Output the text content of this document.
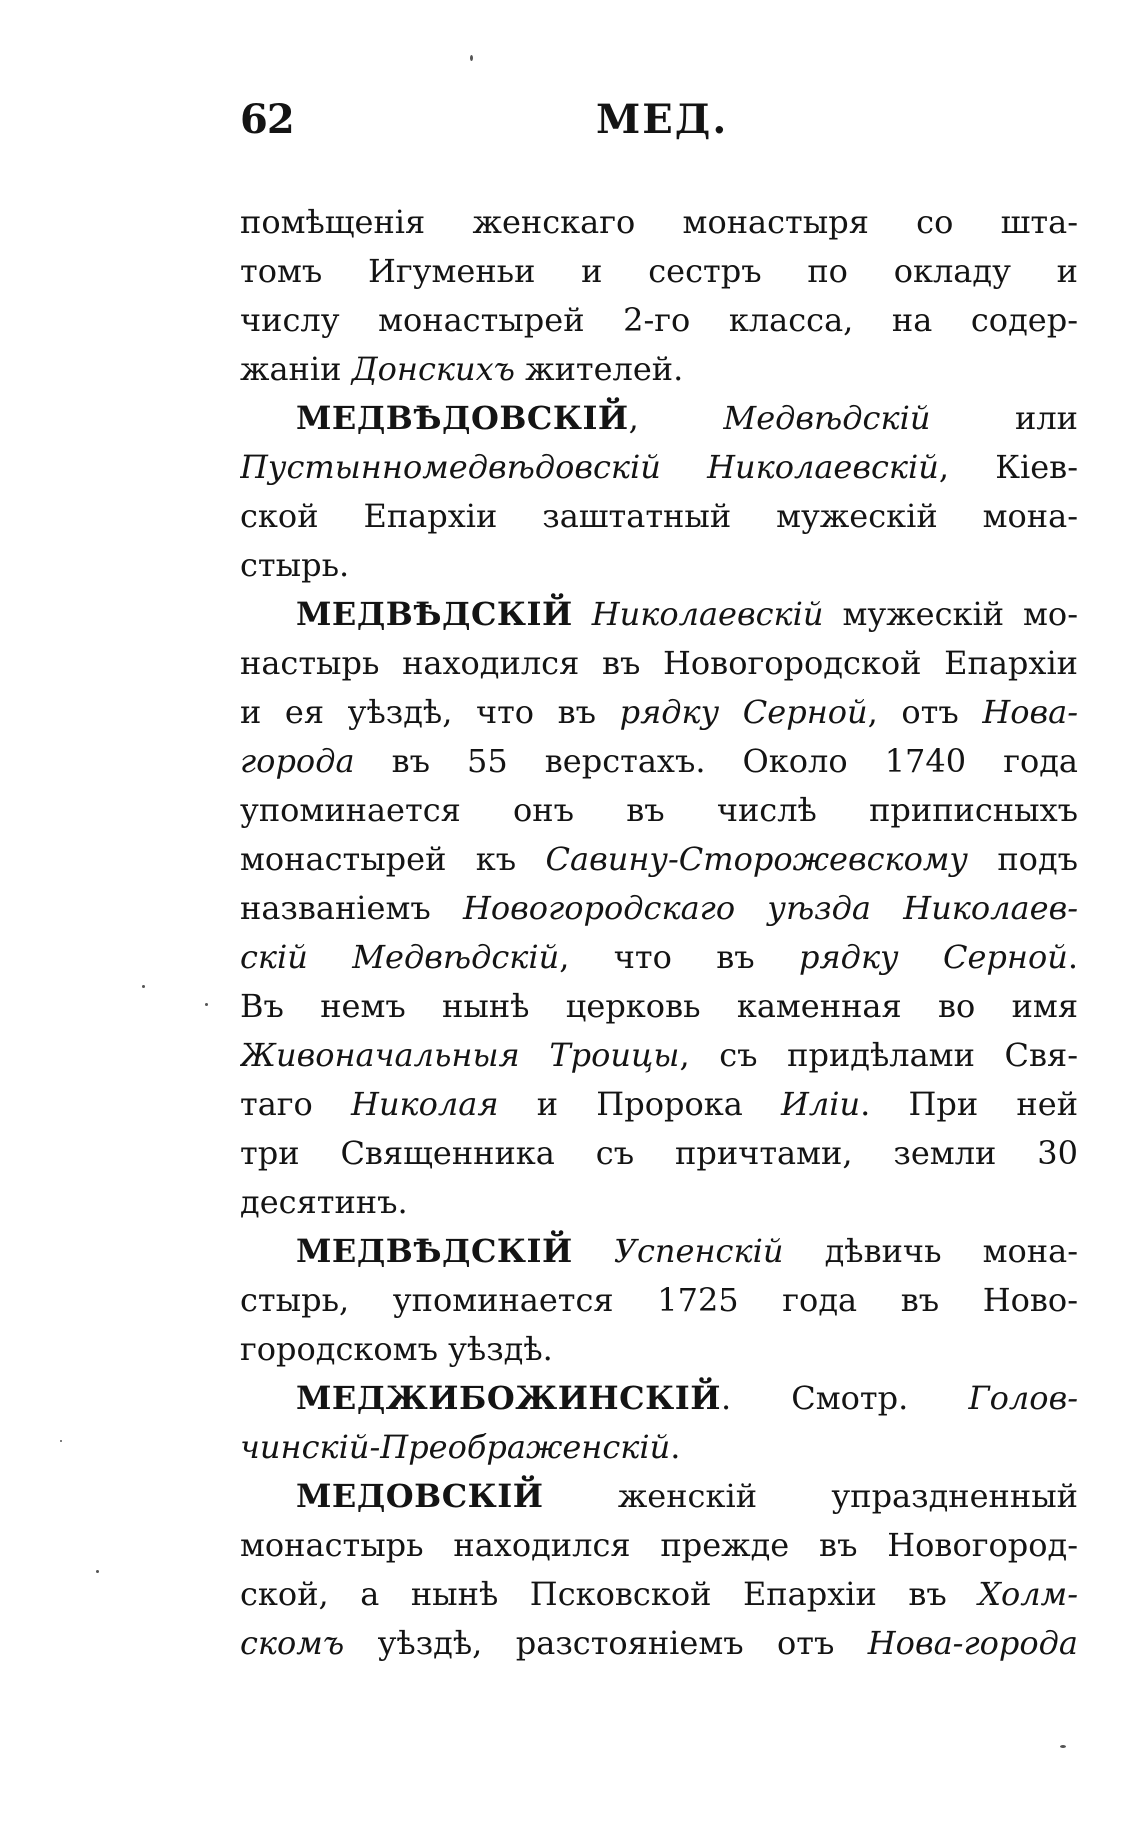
62	МЕД.
помѣщенія женскаго монастыря со шта-
томъ Игуменьи и сестръ по окладу и
числу монастырей 2-го класса, на содер-
жаніи Донскихъ жителей.
МЕДВѢДОВСКІЙ, Медвѣдскій или
Пустынномедвѣдовскій Николаевскій, Кіев-
ской Епархіи заштатный мужескій мона-
стырь.
МЕДВѢДСКІЙ Николаевскій мужескій мо-
настырь находился въ Новогородской Епархіи
и ея уѣздѣ, что въ рядку Серной, отъ Нова-
города въ 55 верстахъ. Около 1740 года
упоминается онъ въ числѣ приписныхъ
монастырей къ Савину-Сторожевскому подъ
названіемъ Новогородскаго уѣзда Николаев-
скій Медвѣдскій, что въ рядку Серной.
Въ немъ нынѣ церковь каменная во имя
Живоначальныя Троицы, съ придѣлами Свя-
таго Николая и Пророка Иліи. При ней
три Священника съ причтами, земли 30
десятинъ.
МЕДВѢДСКІЙ Успенскій дѣвичь мона-
стырь, упоминается 1725 года въ Ново-
городскомъ уѣздѣ.
МЕДЖИБОЖИНСКІЙ. Смотр. Голов-
чинскій-Преображенскій.
МЕДОВСКІЙ женскій упраздненный
монастырь находился прежде въ Новогород-
ской, а нынѣ Псковской Епархіи въ Холм-
скомъ уѣздѣ, разстояніемъ отъ Нова-города
